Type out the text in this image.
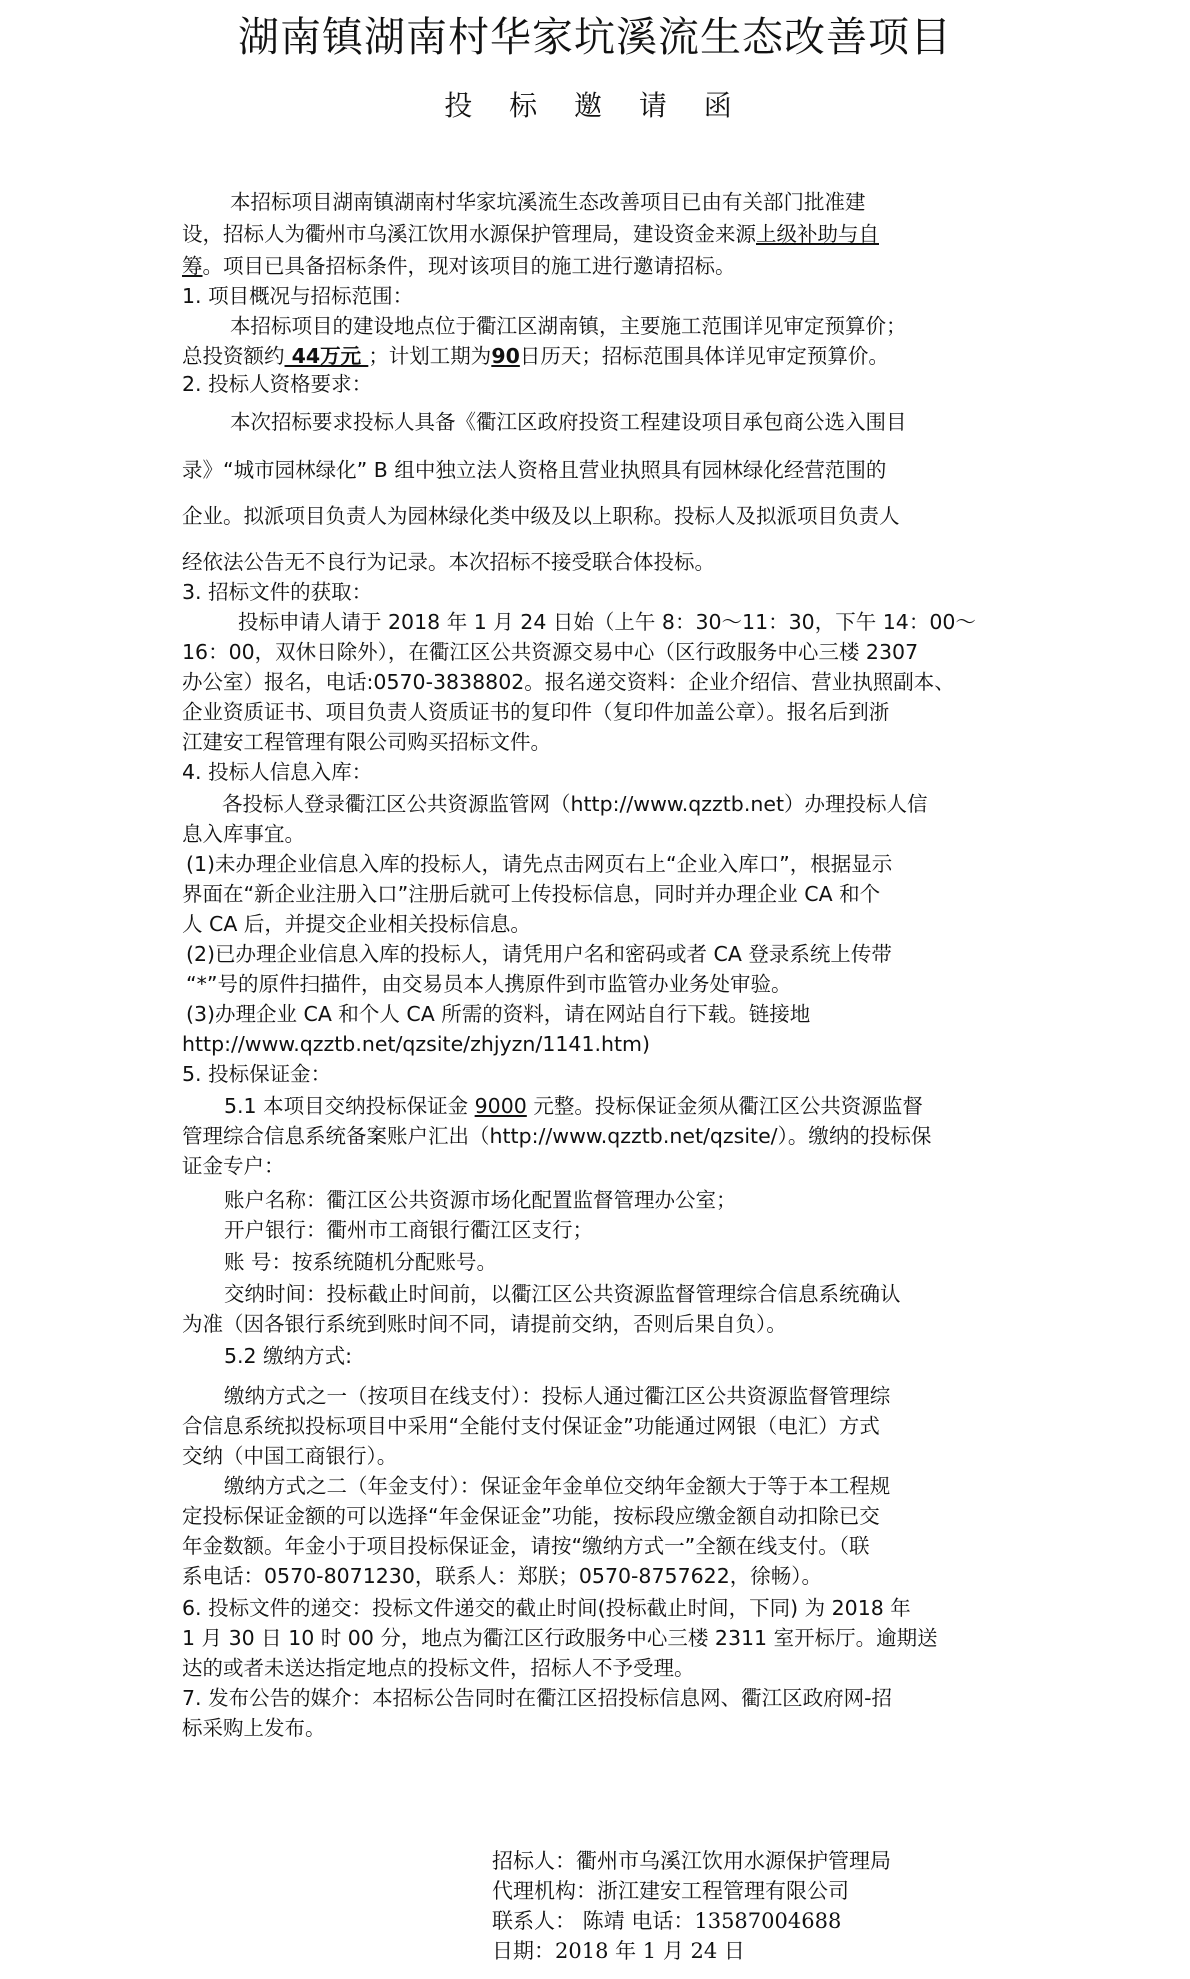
湖南镇湖南村华家坑溪流生态改善项目
投 标 邀 请 函
本招标项目湖南镇湖南村华家坑溪流生态改善项目已由有关部门批准建
设，招标人为衢州市乌溪江饮用水源保护管理局，建设资金来源上级补助与自
筹。项目已具备招标条件，现对该项目的施工进行邀请招标。
1. 项目概况与招标范围：
本招标项目的建设地点位于衢江区湖南镇，主要施工范围详见审定预算价；
总投资额约 44万元 ；计划工期为90日历天；招标范围具体详见审定预算价。
2. 投标人资格要求：
本次招标要求投标人具备《衢江区政府投资工程建设项目承包商公选入围目
录》“城市园林绿化” B 组中独立法人资格且营业执照具有园林绿化经营范围的
企业。拟派项目负责人为园林绿化类中级及以上职称。投标人及拟派项目负责人
经依法公告无不良行为记录。本次招标不接受联合体投标。
3. 招标文件的获取：
投标申请人请于 2018 年 1 月 24 日始（上午 8：30～11：30，下午 14：00～
16：00，双休日除外），在衢江区公共资源交易中心（区行政服务中心三楼 2307
办公室）报名，电话:0570-3838802。报名递交资料：企业介绍信、营业执照副本、
企业资质证书、项目负责人资质证书的复印件（复印件加盖公章）。报名后到浙
江建安工程管理有限公司购买招标文件。
4. 投标人信息入库：
各投标人登录衢江区公共资源监管网（http://www.qzztb.net）办理投标人信
息入库事宜。
(1)未办理企业信息入库的投标人，请先点击网页右上“企业入库口”，根据显示
界面在“新企业注册入口”注册后就可上传投标信息，同时并办理企业 CA 和个
人 CA 后，并提交企业相关投标信息。
(2)已办理企业信息入库的投标人，请凭用户名和密码或者 CA 登录系统上传带
“*”号的原件扫描件，由交易员本人携原件到市监管办业务处审验。
(3)办理企业 CA 和个人 CA 所需的资料，请在网站自行下载。链接地
http://www.qzztb.net/qzsite/zhjyzn/1141.htm)
5. 投标保证金：
5.1 本项目交纳投标保证金 9000 元整。投标保证金须从衢江区公共资源监督
管理综合信息系统备案账户汇出（http://www.qzztb.net/qzsite/）。缴纳的投标保
证金专户：
账户名称：衢江区公共资源市场化配置监督管理办公室；
开户银行：衢州市工商银行衢江区支行；
账 号：按系统随机分配账号。
交纳时间：投标截止时间前，以衢江区公共资源监督管理综合信息系统确认
为准（因各银行系统到账时间不同，请提前交纳，否则后果自负）。
5.2 缴纳方式:
缴纳方式之一（按项目在线支付）：投标人通过衢江区公共资源监督管理综
合信息系统拟投标项目中采用“全能付支付保证金”功能通过网银（电汇）方式
交纳（中国工商银行）。
缴纳方式之二（年金支付）：保证金年金单位交纳年金额大于等于本工程规
定投标保证金额的可以选择“年金保证金”功能，按标段应缴金额自动扣除已交
年金数额。年金小于项目投标保证金，请按“缴纳方式一”全额在线支付。（联
系电话：0570-8071230，联系人：郑朕；0570-8757622，徐畅）。
6. 投标文件的递交：投标文件递交的截止时间(投标截止时间，下同) 为 2018 年
1 月 30 日 10 时 00 分，地点为衢江区行政服务中心三楼 2311 室开标厅。逾期送
达的或者未送达指定地点的投标文件，招标人不予受理。
7. 发布公告的媒介：本招标公告同时在衢江区招投标信息网、衢江区政府网-招
标采购上发布。
招标人：衢州市乌溪江饮用水源保护管理局
代理机构：浙江建安工程管理有限公司
联系人： 陈靖 电话：13587004688
日期：2018 年 1 月 24 日
